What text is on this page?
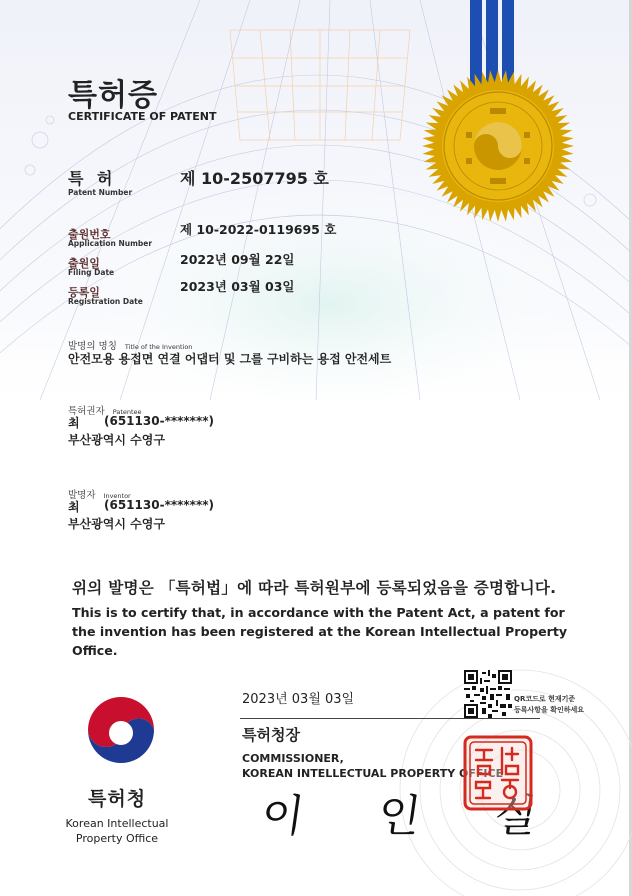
특허증
CERTIFICATE OF PATENT
특 허
Patent Number
제 10-2507795 호
출원번호
Application Number
제 10-2022-0119695 호
출원일
Filing Date
2022년 09월 22일
등록일
Registration Date
2023년 03월 03일
발명의 명칭 Title of the Invention
안전모용 용접면 연결 어댑터 및 그를 구비하는 용접 안전세트
특허권자 Patentee
최 (651130-*******)
부산광역시 수영구
발명자 Inventor
최 (651130-*******)
부산광역시 수영구
위의 발명은 「특허법」에 따라 특허원부에 등록되었음을 증명합니다.
This is to certify that, in accordance with the Patent Act, a patent for the invention has been registered at the Korean Intellectual Property Office.
특허청
Korean Intellectual
Property Office
2023년 03월 03일
특허청장
COMMISSIONER,
KOREAN INTELLECTUAL PROPERTY OFFICE
이 인 실
QR코드로 현재기준
등록사항을 확인하세요
